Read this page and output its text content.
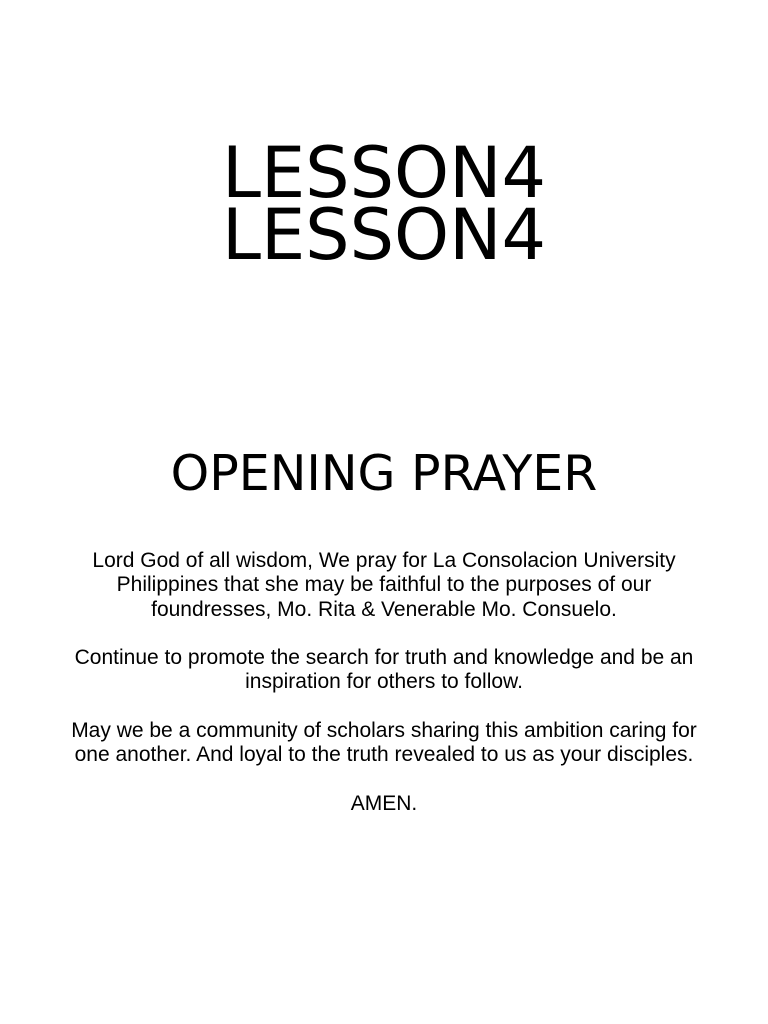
LESSON4
LESSON4
OPENING PRAYER

Lord God of all wisdom, We pray for La Consolacion University Philippines that she may be faithful to the purposes of our foundresses, Mo. Rita & Venerable Mo. Consuelo.

Continue to promote the search for truth and knowledge and be an inspiration for others to follow.

May we be a community of scholars sharing this ambition caring for one another. And loyal to the truth revealed to us as your disciples.

AMEN.
